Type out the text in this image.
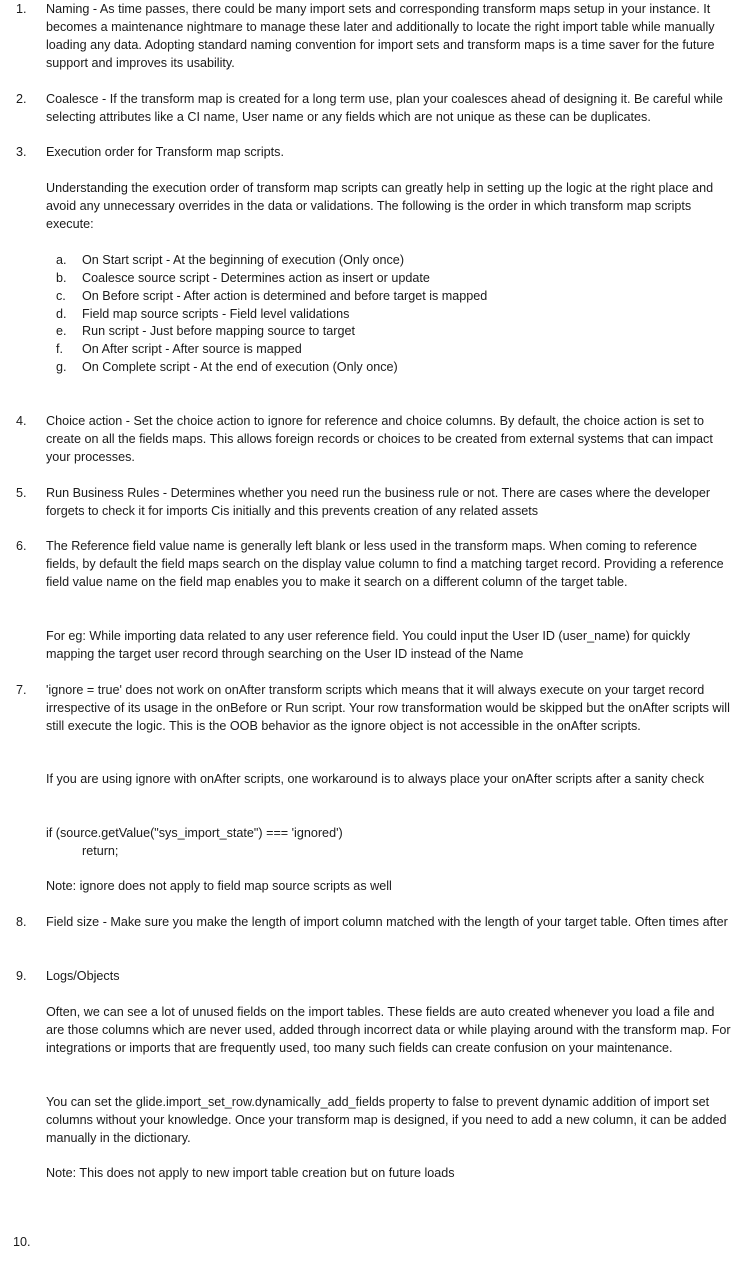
1.	Naming - As time passes, there could be many import sets and corresponding transform maps setup in your instance. It becomes a maintenance nightmare to manage these later and additionally to locate the right import table while manually loading any data. Adopting standard naming convention for import sets and transform maps is a time saver for the future support and improves its usability.
2.	Coalesce - If the transform map is created for a long term use, plan your coalesces ahead of designing it. Be careful while selecting attributes like a CI name, User name or any fields which are not unique as these can be duplicates.
3.	Execution order for Transform map scripts.
Understanding the execution order of transform map scripts can greatly help in setting up the logic at the right place and avoid any unnecessary overrides in the data or validations. The following is the order in which transform map scripts execute:
a.	On Start script - At the beginning of execution (Only once)
b.	Coalesce source script - Determines action as insert or update
c.	On Before script - After action is determined and before target is mapped
d.	Field map source scripts - Field level validations
e.	Run script - Just before mapping source to target
f.	On After script - After source is mapped
g.	On Complete script - At the end of execution (Only once)
4.	Choice action - Set the choice action to ignore for reference and choice columns. By default, the choice action is set to create on all the fields maps. This allows foreign records or choices to be created from external systems that can impact your processes.
5.	Run Business Rules - Determines whether you need run the business rule or not. There are cases where the developer forgets to check it for imports Cis initially and this prevents creation of any related assets
6.	The Reference field value name is generally left blank or less used in the transform maps. When coming to reference fields, by default the field maps search on the display value column to find a matching target record. Providing a reference field value name on the field map enables you to make it search on a different column of the target table.
For eg: While importing data related to any user reference field. You could input the User ID (user_name) for quickly mapping the target user record through searching on the User ID instead of the Name
7.	'ignore = true' does not work on onAfter transform scripts which means that it will always execute on your target record irrespective of its usage in the onBefore or Run script. Your row transformation would be skipped but the onAfter scripts will still execute the logic. This is the OOB behavior as the ignore object is not accessible in the onAfter scripts.
If you are using ignore with onAfter scripts, one workaround is to always place your onAfter scripts after a sanity check
if (source.getValue("sys_import_state") === 'ignored')
return;
Note: ignore does not apply to field map source scripts as well
8.	Field size - Make sure you make the length of import column matched with the length of your target table. Often times after
9.	Logs/Objects
Often, we can see a lot of unused fields on the import tables. These fields are auto created whenever you load a file and are those columns which are never used, added through incorrect data or while playing around with the transform map. For integrations or imports that are frequently used, too many such fields can create confusion on your maintenance.
You can set the glide.import_set_row.dynamically_add_fields property to false to prevent dynamic addition of import set columns without your knowledge. Once your transform map is designed, if you need to add a new column, it can be added manually in the dictionary.
Note: This does not apply to new import table creation but on future loads
10.
